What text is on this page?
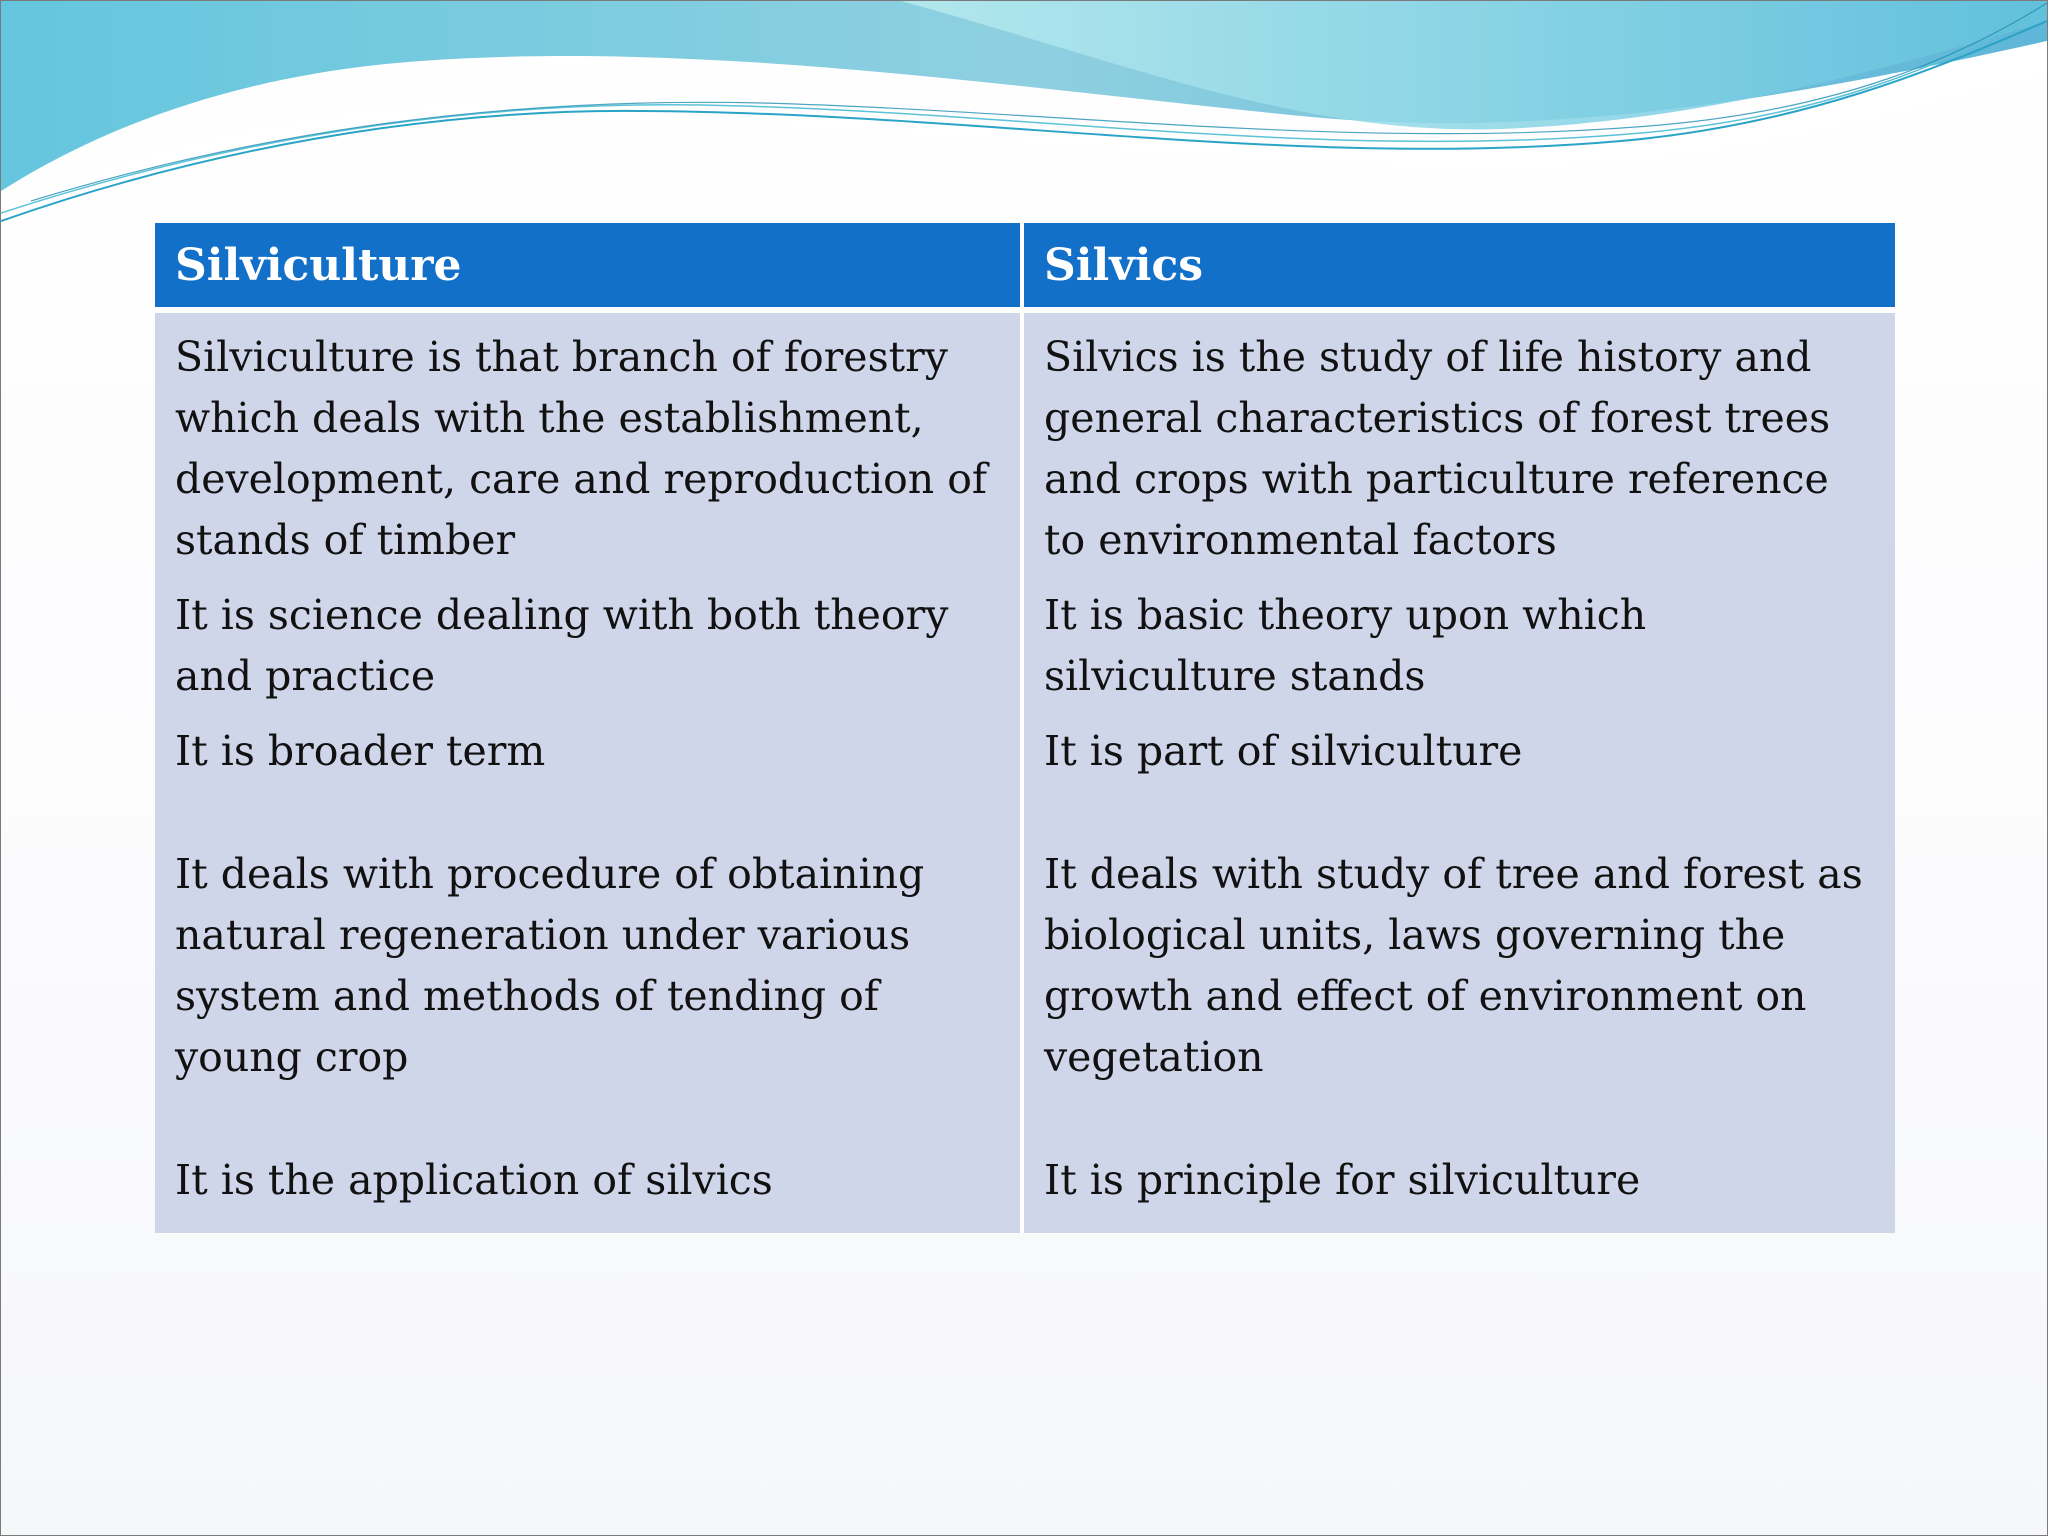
Silviculture	Silvics
Silviculture is that branch of forestry which deals with the establishment, development, care and reproduction of stands of timber	Silvics is the study of life history and general characteristics of forest trees and crops with particulture reference to environmental factors
It is science dealing with both theory and practice	It is basic theory upon which silviculture stands
It is broader term	It is part of silviculture
It deals with procedure of obtaining natural regeneration under various system and methods of tending of young crop	It deals with study of tree and forest as biological units, laws governing the growth and effect of environment on vegetation
It is the application of silvics	It is principle for silviculture
